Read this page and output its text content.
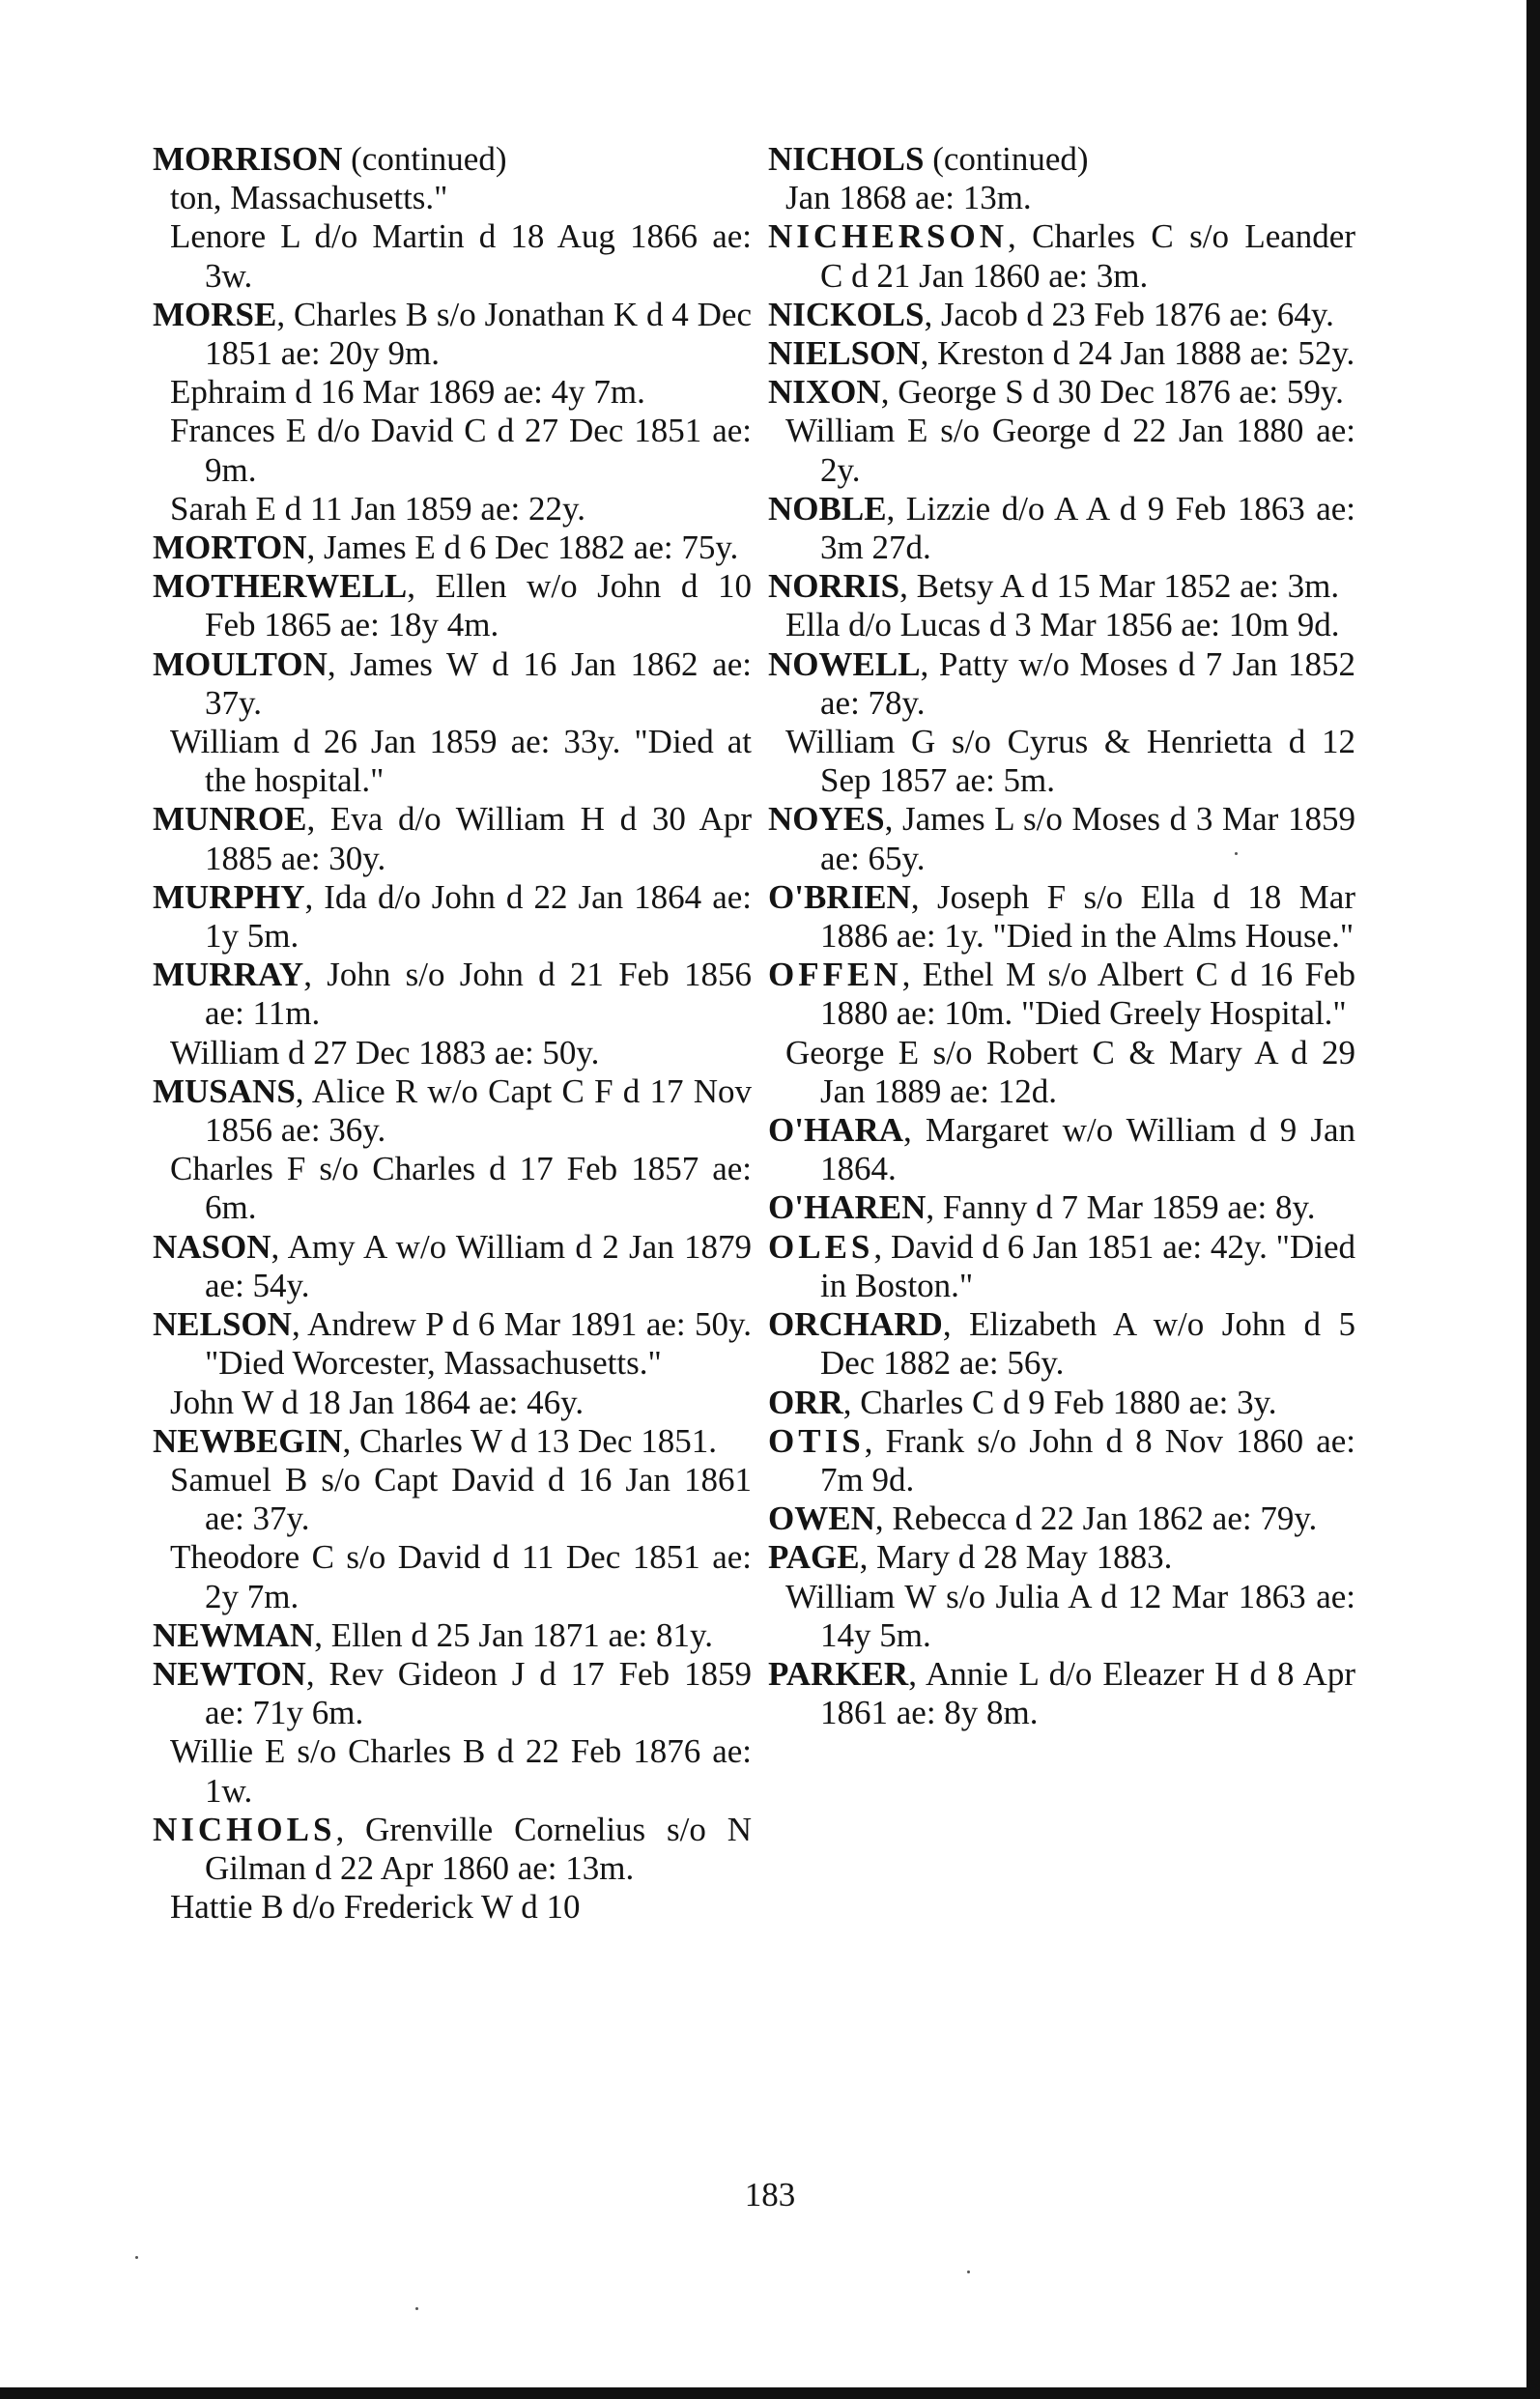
MORRISON (continued)

ton, Massachusetts."

Lenore L d/o Martin d 18 Aug 1866 ae: 3w.

MORSE, Charles B s/o Jonathan K d 4 Dec 1851 ae: 20y 9m.

Ephraim d 16 Mar 1869 ae: 4y 7m.

Frances E d/o David C d 27 Dec 1851 ae: 9m.

Sarah E d 11 Jan 1859 ae: 22y.

MORTON, James E d 6 Dec 1882 ae: 75y.

MOTHERWELL, Ellen w/o John d 10 Feb 1865 ae: 18y 4m.

MOULTON, James W d 16 Jan 1862 ae: 37y.

William d 26 Jan 1859 ae: 33y. "Died at the hospital."

MUNROE, Eva d/o William H d 30 Apr 1885 ae: 30y.

MURPHY, Ida d/o John d 22 Jan 1864 ae: 1y 5m.

MURRAY, John s/o John d 21 Feb 1856 ae: 11m.

William d 27 Dec 1883 ae: 50y.

MUSANS, Alice R w/o Capt C F d 17 Nov 1856 ae: 36y.

Charles F s/o Charles d 17 Feb 1857 ae: 6m.

NASON, Amy A w/o William d 2 Jan 1879 ae: 54y.

NELSON, Andrew P d 6 Mar 1891 ae: 50y. "Died Worcester, Massachusetts."

John W d 18 Jan 1864 ae: 46y.

NEWBEGIN, Charles W d 13 Dec 1851.

Samuel B s/o Capt David d 16 Jan 1861 ae: 37y.

Theodore C s/o David d 11 Dec 1851 ae: 2y 7m.

NEWMAN, Ellen d 25 Jan 1871 ae: 81y.

NEWTON, Rev Gideon J d 17 Feb 1859 ae: 71y 6m.

Willie E s/o Charles B d 22 Feb 1876 ae: 1w.

NICHOLS, Grenville Cornelius s/o N Gilman d 22 Apr 1860 ae: 13m.

Hattie B d/o Frederick W d 10

NICHOLS (continued)

Jan 1868 ae: 13m.

NICHERSON, Charles C s/o Leander C d 21 Jan 1860 ae: 3m.

NICKOLS, Jacob d 23 Feb 1876 ae: 64y.

NIELSON, Kreston d 24 Jan 1888 ae: 52y.

NIXON, George S d 30 Dec 1876 ae: 59y.

William E s/o George d 22 Jan 1880 ae: 2y.

NOBLE, Lizzie d/o A A d 9 Feb 1863 ae: 3m 27d.

NORRIS, Betsy A d 15 Mar 1852 ae: 3m.

Ella d/o Lucas d 3 Mar 1856 ae: 10m 9d.

NOWELL, Patty w/o Moses d 7 Jan 1852 ae: 78y.

William G s/o Cyrus & Henrietta d 12 Sep 1857 ae: 5m.

NOYES, James L s/o Moses d 3 Mar 1859 ae: 65y.

O'BRIEN, Joseph F s/o Ella d 18 Mar 1886 ae: 1y. "Died in the Alms House."

OFFEN, Ethel M s/o Albert C d 16 Feb 1880 ae: 10m. "Died Greely Hospital."

George E s/o Robert C & Mary A d 29 Jan 1889 ae: 12d.

O'HARA, Margaret w/o William d 9 Jan 1864.

O'HAREN, Fanny d 7 Mar 1859 ae: 8y.

OLES, David d 6 Jan 1851 ae: 42y. "Died in Boston."

ORCHARD, Elizabeth A w/o John d 5 Dec 1882 ae: 56y.

ORR, Charles C d 9 Feb 1880 ae: 3y.

OTIS, Frank s/o John d 8 Nov 1860 ae: 7m 9d.

OWEN, Rebecca d 22 Jan 1862 ae: 79y.

PAGE, Mary d 28 May 1883.

William W s/o Julia A d 12 Mar 1863 ae: 14y 5m.

PARKER, Annie L d/o Eleazer H d 8 Apr 1861 ae: 8y 8m.

183
